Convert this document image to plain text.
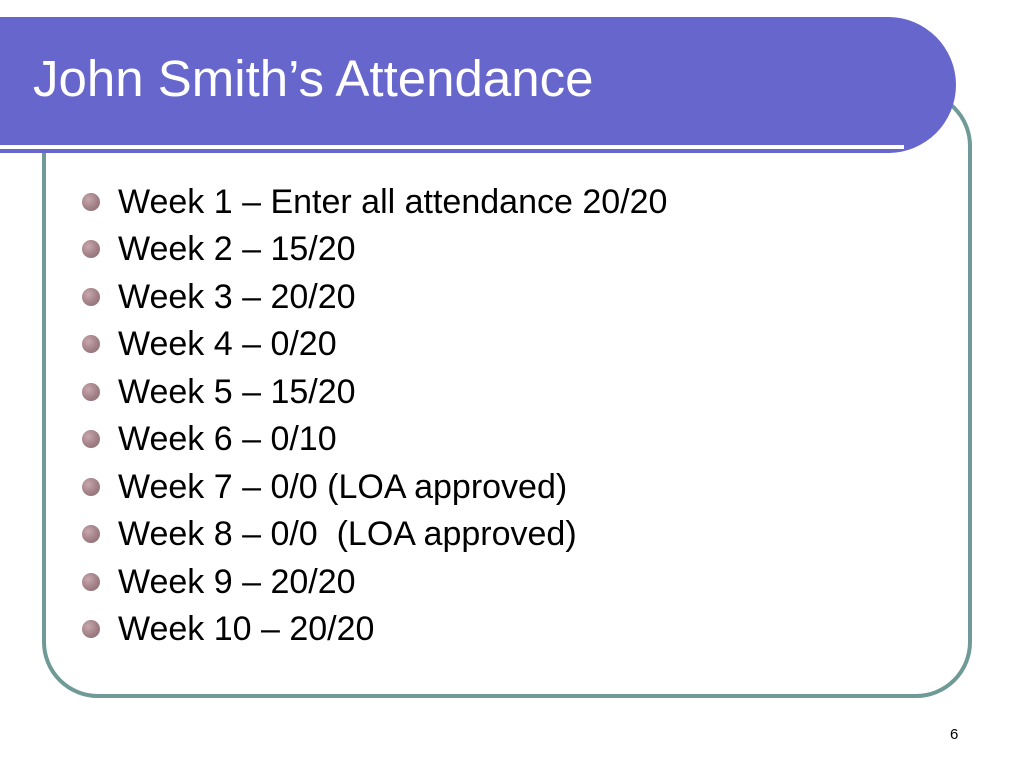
John Smith’s Attendance
Week 1 – Enter all attendance 20/20
Week 2 – 15/20
Week 3 – 20/20
Week 4 – 0/20
Week 5 – 15/20
Week 6 – 0/10
Week 7 – 0/0 (LOA approved)
Week 8 – 0/0  (LOA approved)
Week 9 – 20/20
Week 10 – 20/20
6
